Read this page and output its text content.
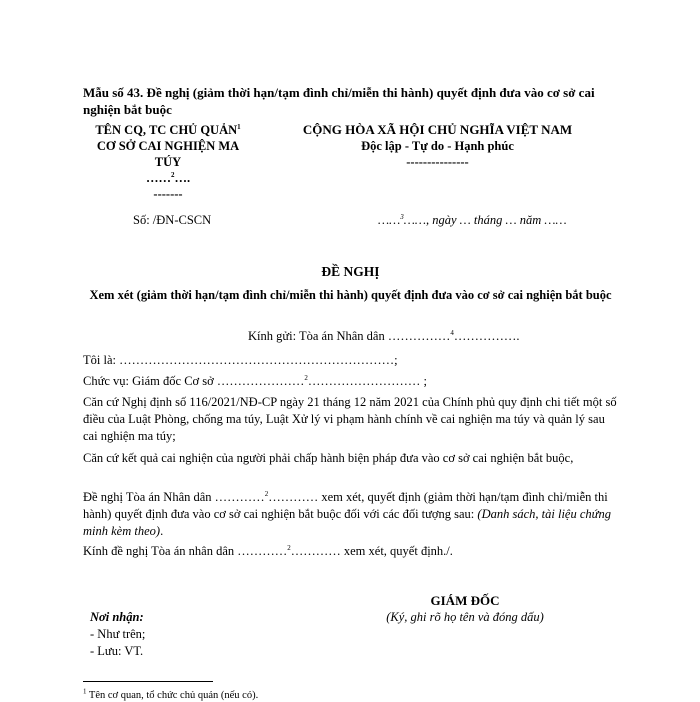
Mẫu số 43. Đề nghị (giảm thời hạn/tạm đình chỉ/miễn thi hành) quyết định đưa vào cơ sở cai nghiện bắt buộc
TÊN CQ, TC CHỦ QUẢN$^1$
CƠ SỞ CAI NGHIỆN MA
TÚY
……$^2$….
-------
CỘNG HÒA XÃ HỘI CHỦ NGHĨA VIỆT NAM
Độc lập - Tự do - Hạnh phúc
---------------
Số: /ĐN-CSCN	……$^3$……, ngày … tháng … năm ……
ĐỀ NGHỊ
Xem xét (giảm thời hạn/tạm đình chỉ/miễn thi hành) quyết định đưa vào cơ sở cai nghiện bắt buộc
Kính gửi: Tòa án Nhân dân ……………$^4$…………….
Tôi là: …………………………………………………………;
Chức vụ: Giám đốc Cơ sở …………………$^2$……………………… ;
Căn cứ Nghị định số 116/2021/NĐ-CP ngày 21 tháng 12 năm 2021 của Chính phủ quy định chi tiết một số điều của Luật Phòng, chống ma túy, Luật Xử lý vi phạm hành chính về cai nghiện ma túy và quản lý sau cai nghiện ma túy;
Căn cứ kết quả cai nghiện của người phải chấp hành biện pháp đưa vào cơ sở cai nghiện bắt buộc,
Đề nghị Tòa án Nhân dân …………$^2$………… xem xét, quyết định (giảm thời hạn/tạm đình chỉ/miễn thi hành) quyết định đưa vào cơ sở cai nghiện bắt buộc đối với các đối tượng sau: (Danh sách, tài liệu chứng minh kèm theo).
Kính đề nghị Tòa án nhân dân …………$^2$………… xem xét, quyết định./.
GIÁM ĐỐC
(Ký, ghi rõ họ tên và đóng dấu)
Nơi nhận:
- Như trên;
- Lưu: VT.
$^1$ Tên cơ quan, tổ chức chủ quản (nếu có).
